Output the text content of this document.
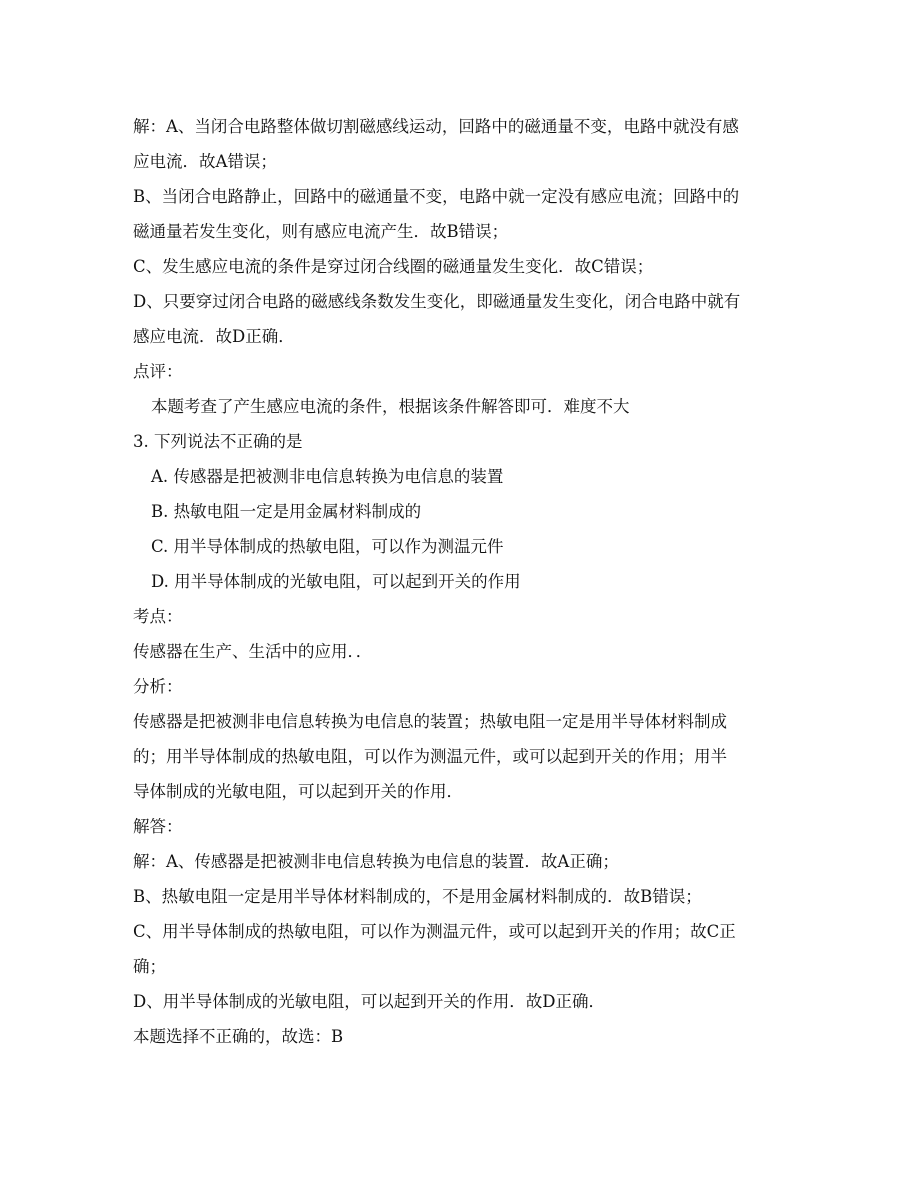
解：A、当闭合电路整体做切割磁感线运动，回路中的磁通量不变，电路中就没有感
应电流．故A错误；
B、当闭合电路静止，回路中的磁通量不变，电路中就一定没有感应电流；回路中的
磁通量若发生变化，则有感应电流产生．故B错误；
C、发生感应电流的条件是穿过闭合线圈的磁通量发生变化．故C错误；
D、只要穿过闭合电路的磁感线条数发生变化，即磁通量发生变化，闭合电路中就有
感应电流．故D正确．
点评：
本题考查了产生感应电流的条件，根据该条件解答即可．难度不大
3. 下列说法不正确的是
A. 传感器是把被测非电信息转换为电信息的装置
B. 热敏电阻一定是用金属材料制成的
C. 用半导体制成的热敏电阻，可以作为测温元件
D. 用半导体制成的光敏电阻，可以起到开关的作用
考点：
传感器在生产、生活中的应用．．
分析：
传感器是把被测非电信息转换为电信息的装置；热敏电阻一定是用半导体材料制成
的；用半导体制成的热敏电阻，可以作为测温元件，或可以起到开关的作用；用半
导体制成的光敏电阻，可以起到开关的作用．
解答：
解：A、传感器是把被测非电信息转换为电信息的装置．故A正确；
B、热敏电阻一定是用半导体材料制成的，不是用金属材料制成的．故B错误；
C、用半导体制成的热敏电阻，可以作为测温元件，或可以起到开关的作用；故C正
确；
D、用半导体制成的光敏电阻，可以起到开关的作用．故D正确．
本题选择不正确的，故选：B
